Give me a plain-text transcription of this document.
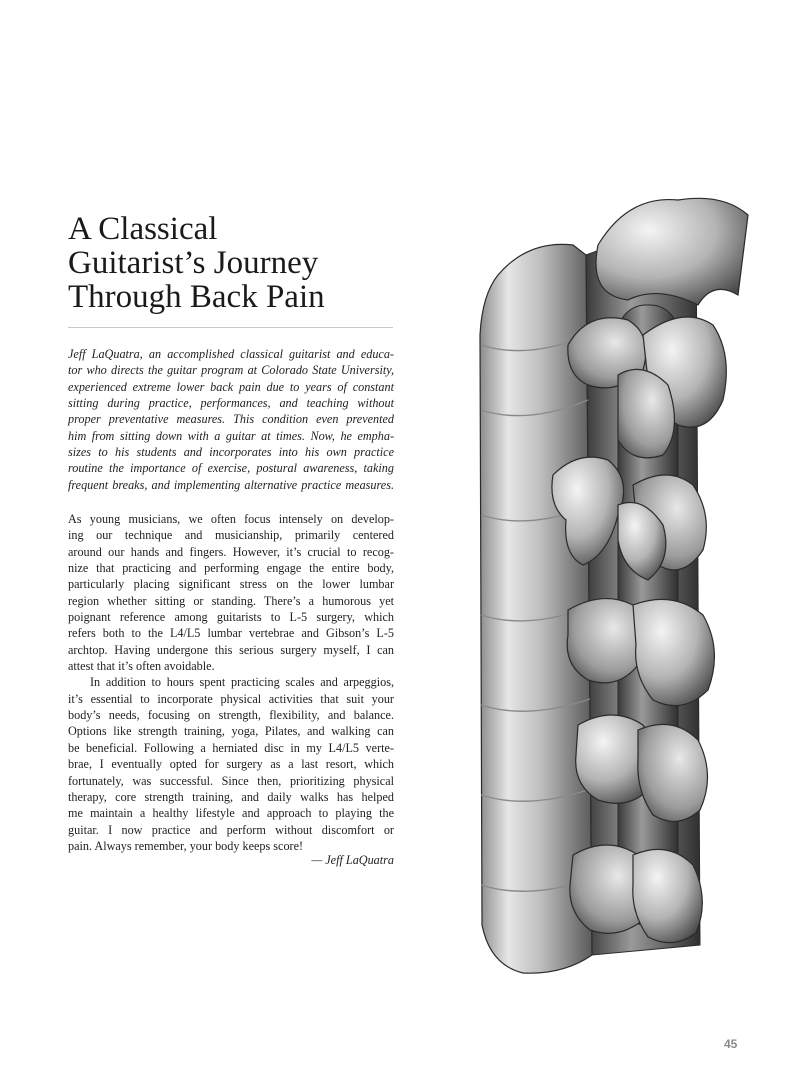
A Classical
Guitarist’s Journey
Through Back Pain

Jeff LaQuatra, an accomplished classical guitarist and educa-
tor who directs the guitar program at Colorado State University,
experienced extreme lower back pain due to years of constant
sitting during practice, performances, and teaching without
proper preventative measures. This condition even prevented
him from sitting down with a guitar at times. Now, he empha-
sizes to his students and incorporates into his own practice
routine the importance of exercise, postural awareness, taking
frequent breaks, and implementing alternative practice measures.

As young musicians, we often focus intensely on develop-
ing our technique and musicianship, primarily centered
around our hands and fingers. However, it’s crucial to recog-
nize that practicing and performing engage the entire body,
particularly placing significant stress on the lower lumbar
region whether sitting or standing. There’s a humorous yet
poignant reference among guitarists to L-5 surgery, which
refers both to the L4/L5 lumbar vertebrae and Gibson’s L-5
archtop. Having undergone this serious surgery myself, I can
attest that it’s often avoidable.
In addition to hours spent practicing scales and arpeggios,
it’s essential to incorporate physical activities that suit your
body’s needs, focusing on strength, flexibility, and balance.
Options like strength training, yoga, Pilates, and walking can
be beneficial. Following a herniated disc in my L4/L5 verte-
brae, I eventually opted for surgery as a last resort, which
fortunately, was successful. Since then, prioritizing physical
therapy, core strength training, and daily walks has helped
me maintain a healthy lifestyle and approach to playing the
guitar. I now practice and perform without discomfort or
pain. Always remember, your body keeps score!
— Jeff LaQuatra
45
